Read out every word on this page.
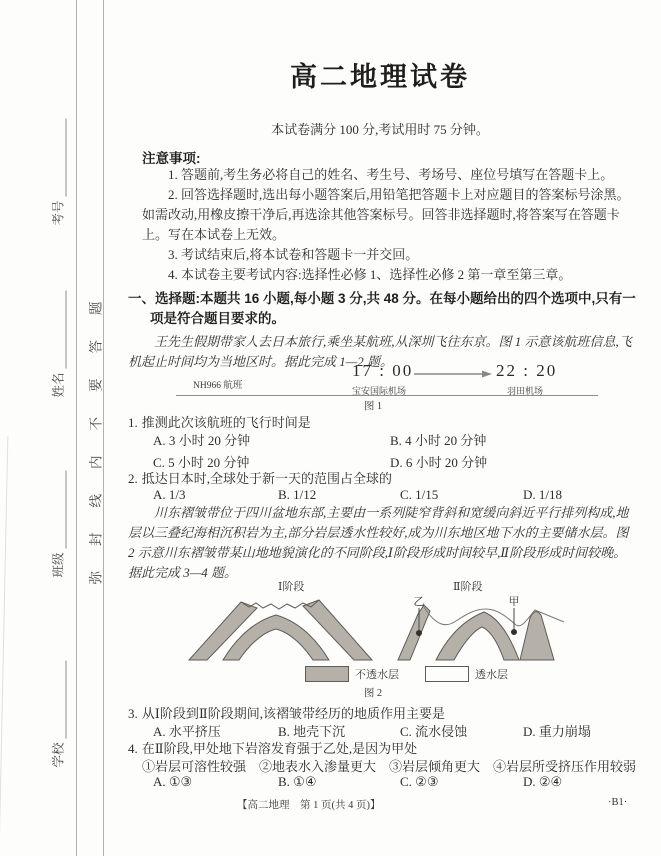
考号
姓名
班级
学校
弥封线内不要答题
高二地理试卷
本试卷满分 100 分,考试用时 75 分钟。
注意事项:

1. 答题前,考生务必将自己的姓名、考生号、考场号、座位号填写在答题卡上。

2. 回答选择题时,选出每小题答案后,用铅笔把答题卡上对应题目的答案标号涂黑。如需改动,用橡皮擦干净后,再选涂其他答案标号。回答非选择题时,将答案写在答题卡上。写在本试卷上无效。

3. 考试结束后,将本试卷和答题卡一并交回。

4. 本试卷主要考试内容:选择性必修 1、选择性必修 2 第一章至第三章。

一、选择题:本题共 16 小题,每小题 3 分,共 48 分。在每小题给出的四个选项中,只有一项是符合题目要求的。
王先生假期带家人去日本旅行,乘坐某航班,从深圳飞往东京。图 1 示意该航班信息,飞机起止时间均为当地区时。据此完成 1—2 题。
NH966 航班
17 : 00
宝安国际机场
22 : 20
羽田机场
图 1
1. 推测此次该航班的飞行时间是
A. 3 小时 20 分钟	B. 4 小时 20 分钟
C. 5 小时 20 分钟	D. 6 小时 20 分钟
2. 抵达日本时,全球处于新一天的范围占全球的
A. 1/3	B. 1/12	C. 1/15	D. 1/18
川东褶皱带位于四川盆地东部,主要由一系列陡窄背斜和宽缓向斜近平行排列构成,地层以三叠纪海相沉积岩为主,部分岩层透水性较好,成为川东地区地下水的主要储水层。图 2 示意川东褶皱带某山地地貌演化的不同阶段,Ⅰ阶段形成时间较早,Ⅱ阶段形成时间较晚。据此完成 3—4 题。
Ⅰ阶段	Ⅱ阶段
乙	甲
不透水层	透水层
图 2
3. 从Ⅰ阶段到Ⅱ阶段期间,该褶皱带经历的地质作用主要是
A. 水平挤压	B. 地壳下沉	C. 流水侵蚀	D. 重力崩塌
4. 在Ⅱ阶段,甲处地下岩溶发育强于乙处,是因为甲处
①岩层可溶性较强　②地表水入渗量更大　③岩层倾角更大　④岩层所受挤压作用较弱
A. ①③	B. ①④	C. ②③	D. ②④
【高二地理　第 1 页(共 4 页)】	·B1·
